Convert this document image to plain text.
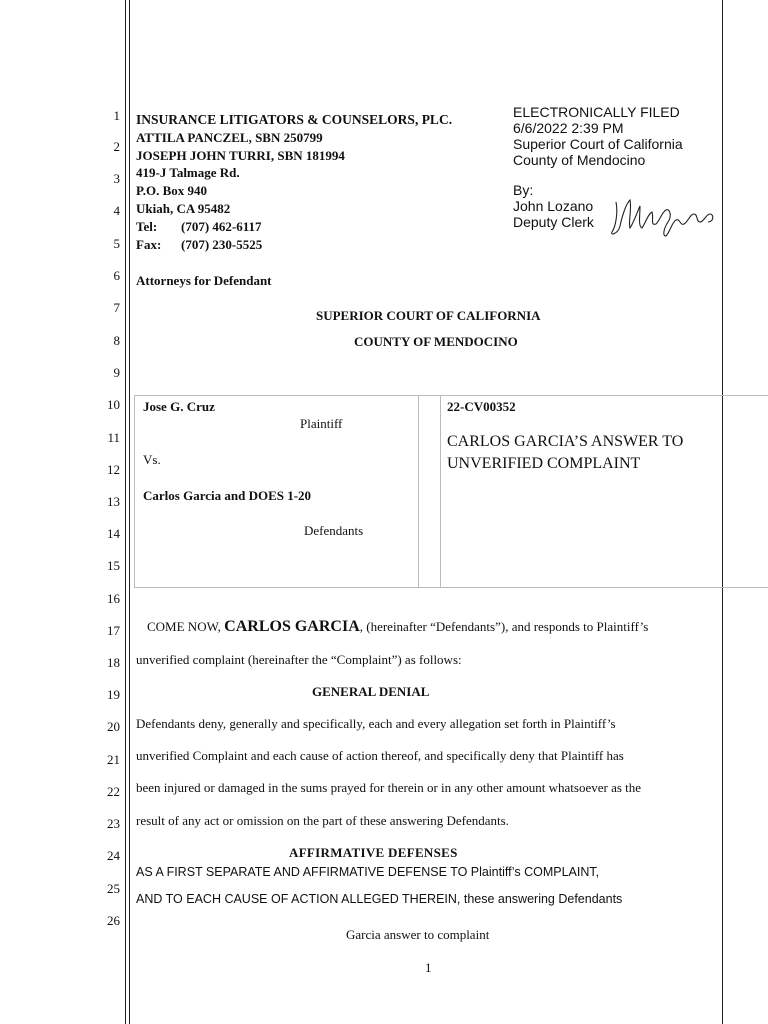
1
2
3
4
5
6
7
8
9
10
11
12
13
14
15
16
17
18
19
20
21
22
23
24
25
26
INSURANCE LITIGATORS & COUNSELORS, PLC.
ATTILA PANCZEL, SBN 250799
JOSEPH JOHN TURRI, SBN 181994
419-J Talmage Rd.
P.O. Box 940
Ukiah, CA 95482
Tel: (707) 462-6117
Fax: (707) 230-5525
Attorneys for Defendant
ELECTRONICALLY FILED
6/6/2022 2:39 PM
Superior Court of California
County of Mendocino
By:
John Lozano
Deputy Clerk
SUPERIOR COURT OF CALIFORNIA
COUNTY OF MENDOCINO
Jose G. Cruz
Plaintiff
Vs.
Carlos Garcia and DOES 1-20
Defendants
22-CV00352
CARLOS GARCIA’S ANSWER TO
UNVERIFIED COMPLAINT
COME NOW, CARLOS GARCIA, (hereinafter “Defendants”), and responds to Plaintiff’s
unverified complaint (hereinafter the “Complaint”) as follows:
GENERAL DENIAL
Defendants deny, generally and specifically, each and every allegation set forth in Plaintiff’s
unverified Complaint and each cause of action thereof, and specifically deny that Plaintiff has
been injured or damaged in the sums prayed for therein or in any other amount whatsoever as the
result of any act or omission on the part of these answering Defendants.
AFFIRMATIVE DEFENSES
AS A FIRST SEPARATE AND AFFIRMATIVE DEFENSE TO Plaintiff’s COMPLAINT,
AND TO EACH CAUSE OF ACTION ALLEGED THEREIN, these answering Defendants
Garcia answer to complaint
1
